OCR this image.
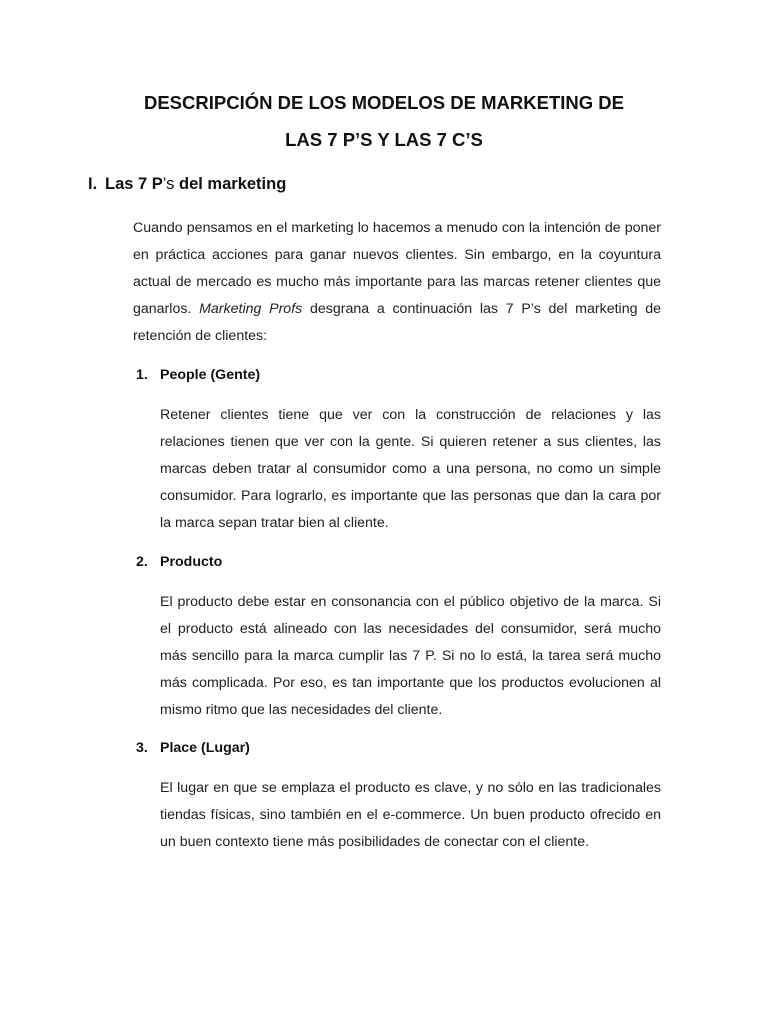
DESCRIPCIÓN DE LOS MODELOS DE MARKETING DE
LAS 7 P’S Y LAS 7 C’S
I. Las 7 P’s del marketing

Cuando pensamos en el marketing lo hacemos a menudo con la intención de poner en práctica acciones para ganar nuevos clientes. Sin embargo, en la coyuntura actual de mercado es mucho más importante para las marcas retener clientes que ganarlos. Marketing Profs desgrana a continuación las 7 P’s del marketing de retención de clientes:

1. People (Gente)

Retener clientes tiene que ver con la construcción de relaciones y las relaciones tienen que ver con la gente. Si quieren retener a sus clientes, las marcas deben tratar al consumidor como a una persona, no como un simple consumidor. Para lograrlo, es importante que las personas que dan la cara por la marca sepan tratar bien al cliente.

2. Producto

El producto debe estar en consonancia con el público objetivo de la marca. Si el producto está alineado con las necesidades del consumidor, será mucho más sencillo para la marca cumplir las 7 P. Si no lo está, la tarea será mucho más complicada. Por eso, es tan importante que los productos evolucionen al mismo ritmo que las necesidades del cliente.

3. Place (Lugar)

El lugar en que se emplaza el producto es clave, y no sólo en las tradicionales tiendas físicas, sino también en el e-commerce. Un buen producto ofrecido en un buen contexto tiene más posibilidades de conectar con el cliente.
